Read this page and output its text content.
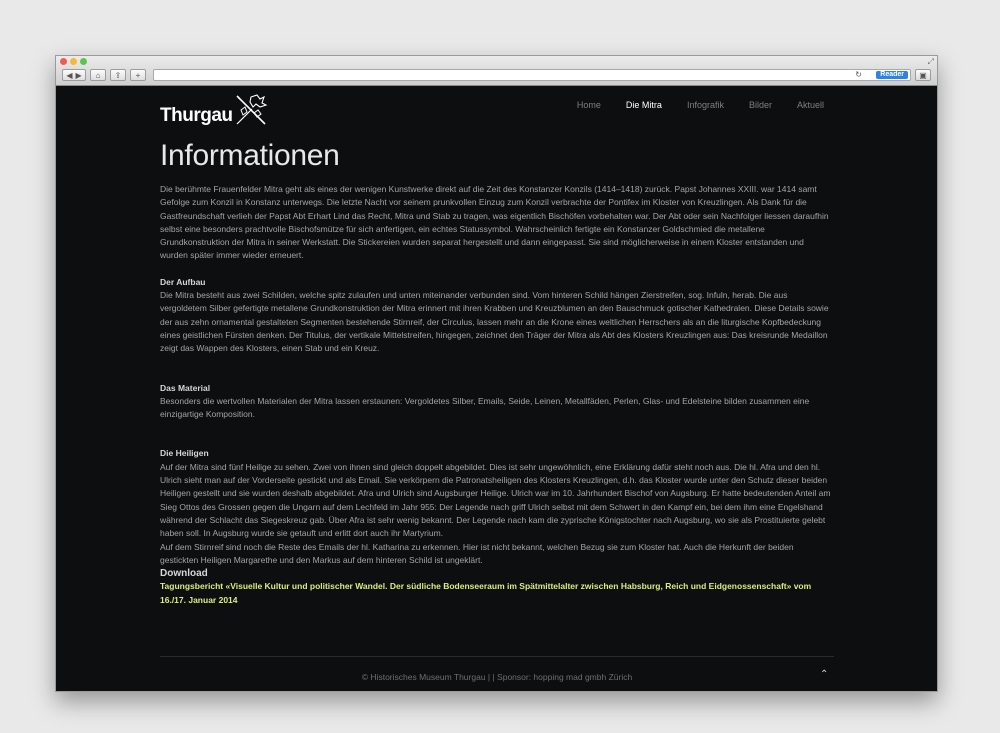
⤢
◀ ▶ ⌂ ⇪ +	↻	Reader	▣
Thurgau	Home	Die Mitra	Infografik	Bilder	Aktuell
Informationen

Die berühmte Frauenfelder Mitra geht als eines der wenigen Kunstwerke direkt auf die Zeit des Konstanzer Konzils (1414–1418) zurück. Papst Johannes XXIII. war 1414 samt Gefolge zum Konzil in Konstanz unterwegs. Die letzte Nacht vor seinem prunkvollen Einzug zum Konzil verbrachte der Pontifex im Kloster von Kreuzlingen. Als Dank für die Gastfreundschaft verlieh der Papst Abt Erhart Lind das Recht, Mitra und Stab zu tragen, was eigentlich Bischöfen vorbehalten war. Der Abt oder sein Nachfolger liessen daraufhin selbst eine besonders prachtvolle Bischofsmütze für sich anfertigen, ein echtes Statussymbol. Wahrscheinlich fertigte ein Konstanzer Goldschmied die metallene Grundkonstruktion der Mitra in seiner Werkstatt. Die Stickereien wurden separat hergestellt und dann eingepasst. Sie sind möglicherweise in einem Kloster entstanden und wurden später immer wieder erneuert.

Der Aufbau

Die Mitra besteht aus zwei Schilden, welche spitz zulaufen und unten miteinander verbunden sind. Vom hinteren Schild hängen Zierstreifen, sog. Infuln, herab. Die aus vergoldetem Silber gefertigte metallene Grundkonstruktion der Mitra erinnert mit ihren Krabben und Kreuzblumen an den Bauschmuck gotischer Kathedralen. Diese Details sowie der aus zehn ornamental gestalteten Segmenten bestehende Stirnreif, der Circulus, lassen mehr an die Krone eines weltlichen Herrschers als an die liturgische Kopfbedeckung eines geistlichen Fürsten denken. Der Titulus, der vertikale Mittelstreifen, hingegen, zeichnet den Träger der Mitra als Abt des Klosters Kreuzlingen aus: Das kreisrunde Medaillon zeigt das Wappen des Klosters, einen Stab und ein Kreuz.

Das Material

Besonders die wertvollen Materialen der Mitra lassen erstaunen: Vergoldetes Silber, Emails, Seide, Leinen, Metallfäden, Perlen, Glas- und Edelsteine bilden zusammen eine einzigartige Komposition.

Die Heiligen

Auf der Mitra sind fünf Heilige zu sehen. Zwei von ihnen sind gleich doppelt abgebildet. Dies ist sehr ungewöhnlich, eine Erklärung dafür steht noch aus. Die hl. Afra und den hl. Ulrich sieht man auf der Vorderseite gestickt und als Email. Sie verkörpern die Patronatsheiligen des Klosters Kreuzlingen, d.h. das Kloster wurde unter den Schutz dieser beiden Heiligen gestellt und sie wurden deshalb abgebildet. Afra und Ulrich sind Augsburger Heilige. Ulrich war im 10. Jahrhundert Bischof von Augsburg. Er hatte bedeutenden Anteil am Sieg Ottos des Grossen gegen die Ungarn auf dem Lechfeld im Jahr 955: Der Legende nach griff Ulrich selbst mit dem Schwert in den Kampf ein, bei dem ihm eine Engelshand während der Schlacht das Siegeskreuz gab. Über Afra ist sehr wenig bekannt. Der Legende nach kam die zyprische Königstochter nach Augsburg, wo sie als Prostituierte gelebt haben soll. In Augsburg wurde sie getauft und erlitt dort auch ihr Martyrium.

Auf dem Stirnreif sind noch die Reste des Emails der hl. Katharina zu erkennen. Hier ist nicht bekannt, welchen Bezug sie zum Kloster hat. Auch die Herkunft der beiden gestickten Heiligen Margarethe und den Markus auf dem hinteren Schild ist ungeklärt.

Download

Tagungsbericht «Visuelle Kultur und politischer Wandel. Der südliche Bodenseeraum im Spätmittelalter zwischen Habsburg, Reich und Eidgenossenschaft» vom 16./17. Januar 2014

© Historisches Museum Thurgau | | Sponsor: hopping mad gmbh Zürich	⌃
